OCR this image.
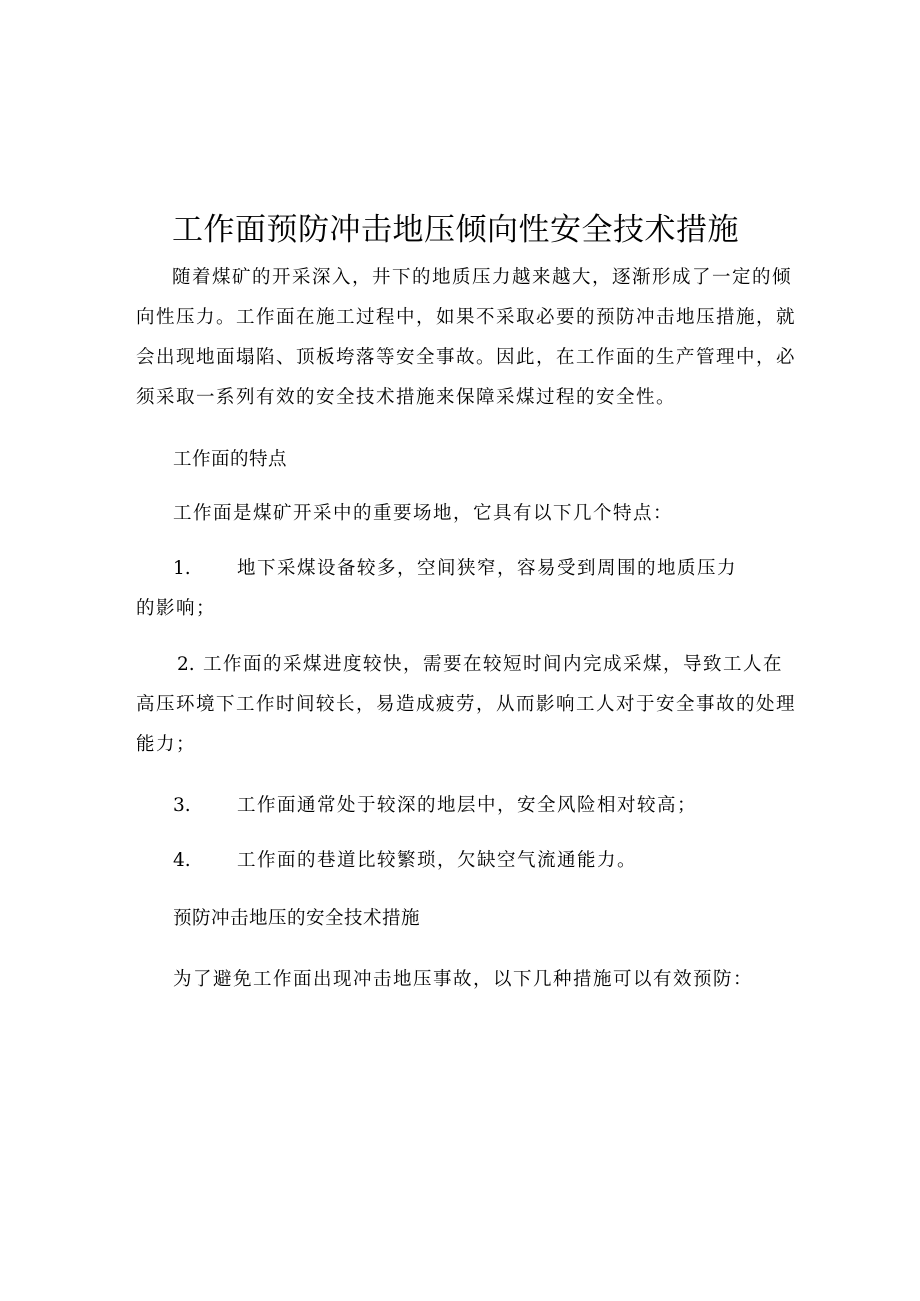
工作面预防冲击地压倾向性安全技术措施
随着煤矿的开采深入，井下的地质压力越来越大，逐渐形成了一定的倾
向性压力。工作面在施工过程中，如果不采取必要的预防冲击地压措施，就
会出现地面塌陷、顶板垮落等安全事故。因此，在工作面的生产管理中，必
须采取一系列有效的安全技术措施来保障采煤过程的安全性。
工作面的特点
工作面是煤矿开采中的重要场地，它具有以下几个特点：
1.	地下采煤设备较多，空间狭窄，容易受到周围的地质压力
的影响；
2. 工作面的采煤进度较快，需要在较短时间内完成采煤，导致工人在
高压环境下工作时间较长，易造成疲劳，从而影响工人对于安全事故的处理
能力；
3.	工作面通常处于较深的地层中，安全风险相对较高；
4.	工作面的巷道比较繁琐，欠缺空气流通能力。
预防冲击地压的安全技术措施
为了避免工作面出现冲击地压事故，以下几种措施可以有效预防：
